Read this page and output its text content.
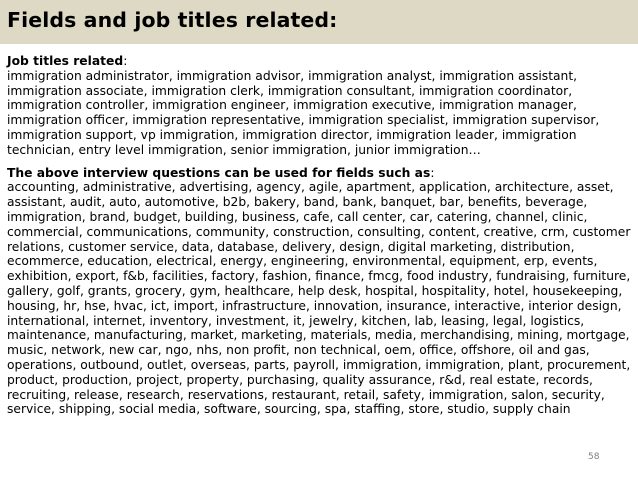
Fields and job titles related:
Job titles related:
immigration administrator, immigration advisor, immigration analyst, immigration assistant,
immigration associate, immigration clerk, immigration consultant, immigration coordinator,
immigration controller, immigration engineer, immigration executive, immigration manager,
immigration officer, immigration representative, immigration specialist, immigration supervisor,
immigration support, vp immigration, immigration director, immigration leader, immigration
technician, entry level immigration, senior immigration, junior immigration…
The above interview questions can be used for fields such as:
accounting, administrative, advertising, agency, agile, apartment, application, architecture, asset,
assistant, audit, auto, automotive, b2b, bakery, band, bank, banquet, bar, benefits, beverage,
immigration, brand, budget, building, business, cafe, call center, car, catering, channel, clinic,
commercial, communications, community, construction, consulting, content, creative, crm, customer
relations, customer service, data, database, delivery, design, digital marketing, distribution,
ecommerce, education, electrical, energy, engineering, environmental, equipment, erp, events,
exhibition, export, f&b, facilities, factory, fashion, finance, fmcg, food industry, fundraising, furniture,
gallery, golf, grants, grocery, gym, healthcare, help desk, hospital, hospitality, hotel, housekeeping,
housing, hr, hse, hvac, ict, import, infrastructure, innovation, insurance, interactive, interior design,
international, internet, inventory, investment, it, jewelry, kitchen, lab, leasing, legal, logistics,
maintenance, manufacturing, market, marketing, materials, media, merchandising, mining, mortgage,
music, network, new car, ngo, nhs, non profit, non technical, oem, office, offshore, oil and gas,
operations, outbound, outlet, overseas, parts, payroll, immigration, immigration, plant, procurement,
product, production, project, property, purchasing, quality assurance, r&d, real estate, records,
recruiting, release, research, reservations, restaurant, retail, safety, immigration, salon, security,
service, shipping, social media, software, sourcing, spa, staffing, store, studio, supply chain
58
